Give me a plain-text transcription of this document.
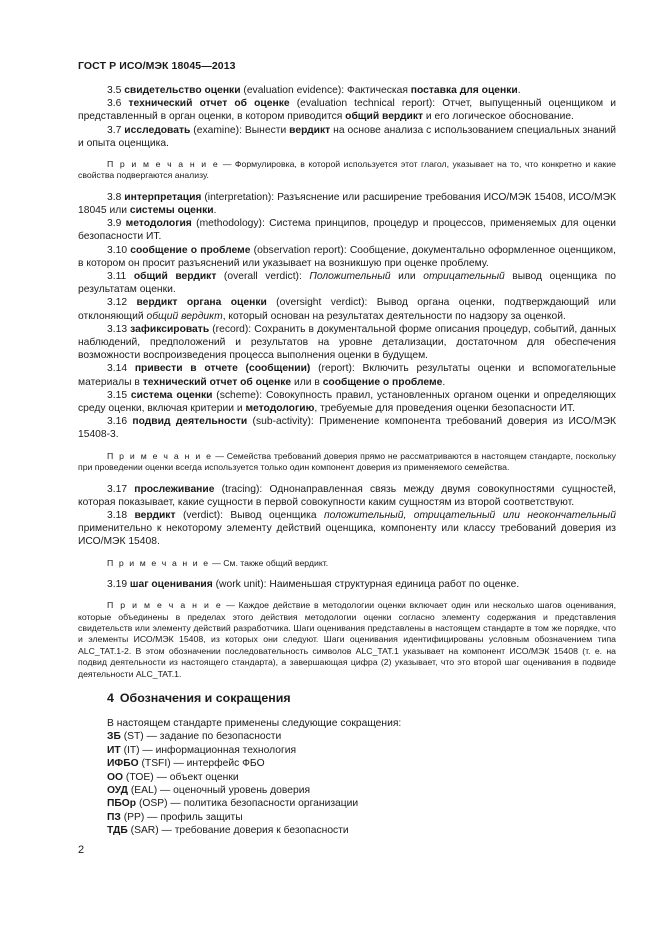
ГОСТ Р ИСО/МЭК 18045—2013

3.5 свидетельство оценки (evaluation evidence): Фактическая поставка для оценки.

3.6 технический отчет об оценке (evaluation technical report): Отчет, выпущенный оценщиком и представленный в орган оценки, в котором приводится общий вердикт и его логическое обоснование.

3.7 исследовать (examine): Вынести вердикт на основе анализа с использованием специальных знаний и опыта оценщика.

П р и м е ч а н и е — Формулировка, в которой используется этот глагол, указывает на то, что конкретно и какие свойства подвергаются анализу.

3.8 интерпретация (interpretation): Разъяснение или расширение требования ИСО/МЭК 15408, ИСО/МЭК 18045 или системы оценки.

3.9 методология (methodology): Система принципов, процедур и процессов, применяемых для оценки безопасности ИТ.

3.10 сообщение о проблеме (observation report): Сообщение, документально оформленное оценщиком, в котором он просит разъяснений или указывает на возникшую при оценке проблему.

3.11 общий вердикт (overall verdict): Положительный или отрицательный вывод оценщика по результатам оценки.

3.12 вердикт органа оценки (oversight verdict): Вывод органа оценки, подтверждающий или отклоняющий общий вердикт, который основан на результатах деятельности по надзору за оценкой.

3.13 зафиксировать (record): Сохранить в документальной форме описания процедур, событий, данных наблюдений, предположений и результатов на уровне детализации, достаточном для обеспечения возможности воспроизведения процесса выполнения оценки в будущем.

3.14 привести в отчете (сообщении) (report): Включить результаты оценки и вспомогательные материалы в технический отчет об оценке или в сообщение о проблеме.

3.15 система оценки (scheme): Совокупность правил, установленных органом оценки и определяющих среду оценки, включая критерии и методологию, требуемые для проведения оценки безопасности ИТ.

3.16 подвид деятельности (sub-activity): Применение компонента требований доверия из ИСО/МЭК 15408-3.

П р и м е ч а н и е — Семейства требований доверия прямо не рассматриваются в настоящем стандарте, поскольку при проведении оценки всегда используется только один компонент доверия из применяемого семейства.

3.17 прослеживание (tracing): Однонаправленная связь между двумя совокупностями сущностей, которая показывает, какие сущности в первой совокупности каким сущностям из второй соответствуют.

3.18 вердикт (verdict): Вывод оценщика положительный, отрицательный или неокончательный применительно к некоторому элементу действий оценщика, компоненту или классу требований доверия из ИСО/МЭК 15408.

П р и м е ч а н и е — См. также общий вердикт.

3.19 шаг оценивания (work unit): Наименьшая структурная единица работ по оценке.

П р и м е ч а н и е — Каждое действие в методологии оценки включает один или несколько шагов оценивания, которые объединены в пределах этого действия методологии оценки согласно элементу содержания и представления свидетельств или элементу действий разработчика. Шаги оценивания представлены в настоящем стандарте в том же порядке, что и элементы ИСО/МЭК 15408, из которых они следуют. Шаги оценивания идентифицированы условным обозначением типа ALC_TAT.1-2. В этом обозначении последовательность символов ALC_TAT.1 указывает на компонент ИСО/МЭК 15408 (т. е. на подвид деятельности из настоящего стандарта), а завершающая цифра (2) указывает, что это второй шаг оценивания в подвиде деятельности ALC_TAT.1.

4 Обозначения и сокращения

В настоящем стандарте применены следующие сокращения:

ЗБ (ST) — задание по безопасности
ИТ (IT) — информационная технология
ИФБО (TSFI) — интерфейс ФБО
ОО (TOE) — объект оценки
ОУД (EAL) — оценочный уровень доверия
ПБОр (OSP) — политика безопасности организации
ПЗ (PP) — профиль защиты
ТДБ (SAR) — требование доверия к безопасности
2
